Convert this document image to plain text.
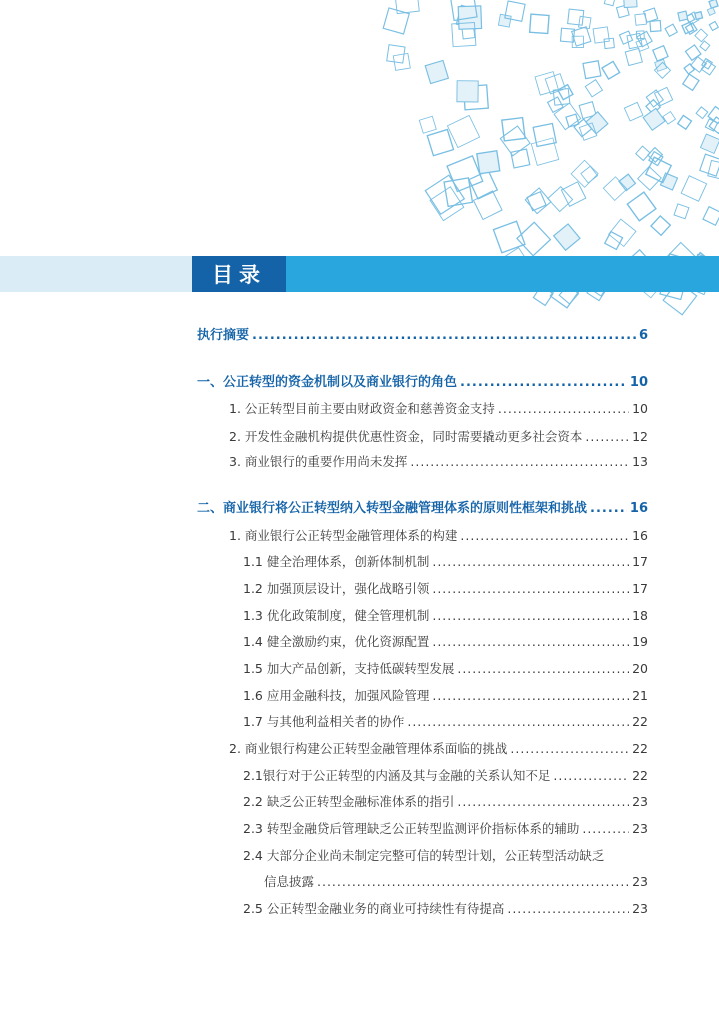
目录
执行摘要 .....	6
一、公正转型的资金机制以及商业银行的角色 .....	10
1. 公正转型目前主要由财政资金和慈善资金支持 .....	10
2. 开发性金融机构提供优惠性资金，同时需要撬动更多社会资本 .....	12
3. 商业银行的重要作用尚未发挥 .....	13
二、商业银行将公正转型纳入转型金融管理体系的原则性框架和挑战 .....	16
1. 商业银行公正转型金融管理体系的构建 .....	16
1.1 健全治理体系，创新体制机制 .....	17
1.2 加强顶层设计，强化战略引领 .....	17
1.3 优化政策制度，健全管理机制 .....	18
1.4 健全激励约束，优化资源配置 .....	19
1.5 加大产品创新，支持低碳转型发展 .....	20
1.6 应用金融科技，加强风险管理 .....	21
1.7 与其他利益相关者的协作 .....	22
2. 商业银行构建公正转型金融管理体系面临的挑战 .....	22
2.1银行对于公正转型的内涵及其与金融的关系认知不足 .....	22
2.2 缺乏公正转型金融标准体系的指引 .....	23
2.3 转型金融贷后管理缺乏公正转型监测评价指标体系的辅助 .....	23
2.4 大部分企业尚未制定完整可信的转型计划，公正转型活动缺乏
信息披露 .....	23
2.5 公正转型金融业务的商业可持续性有待提高 .....	23
